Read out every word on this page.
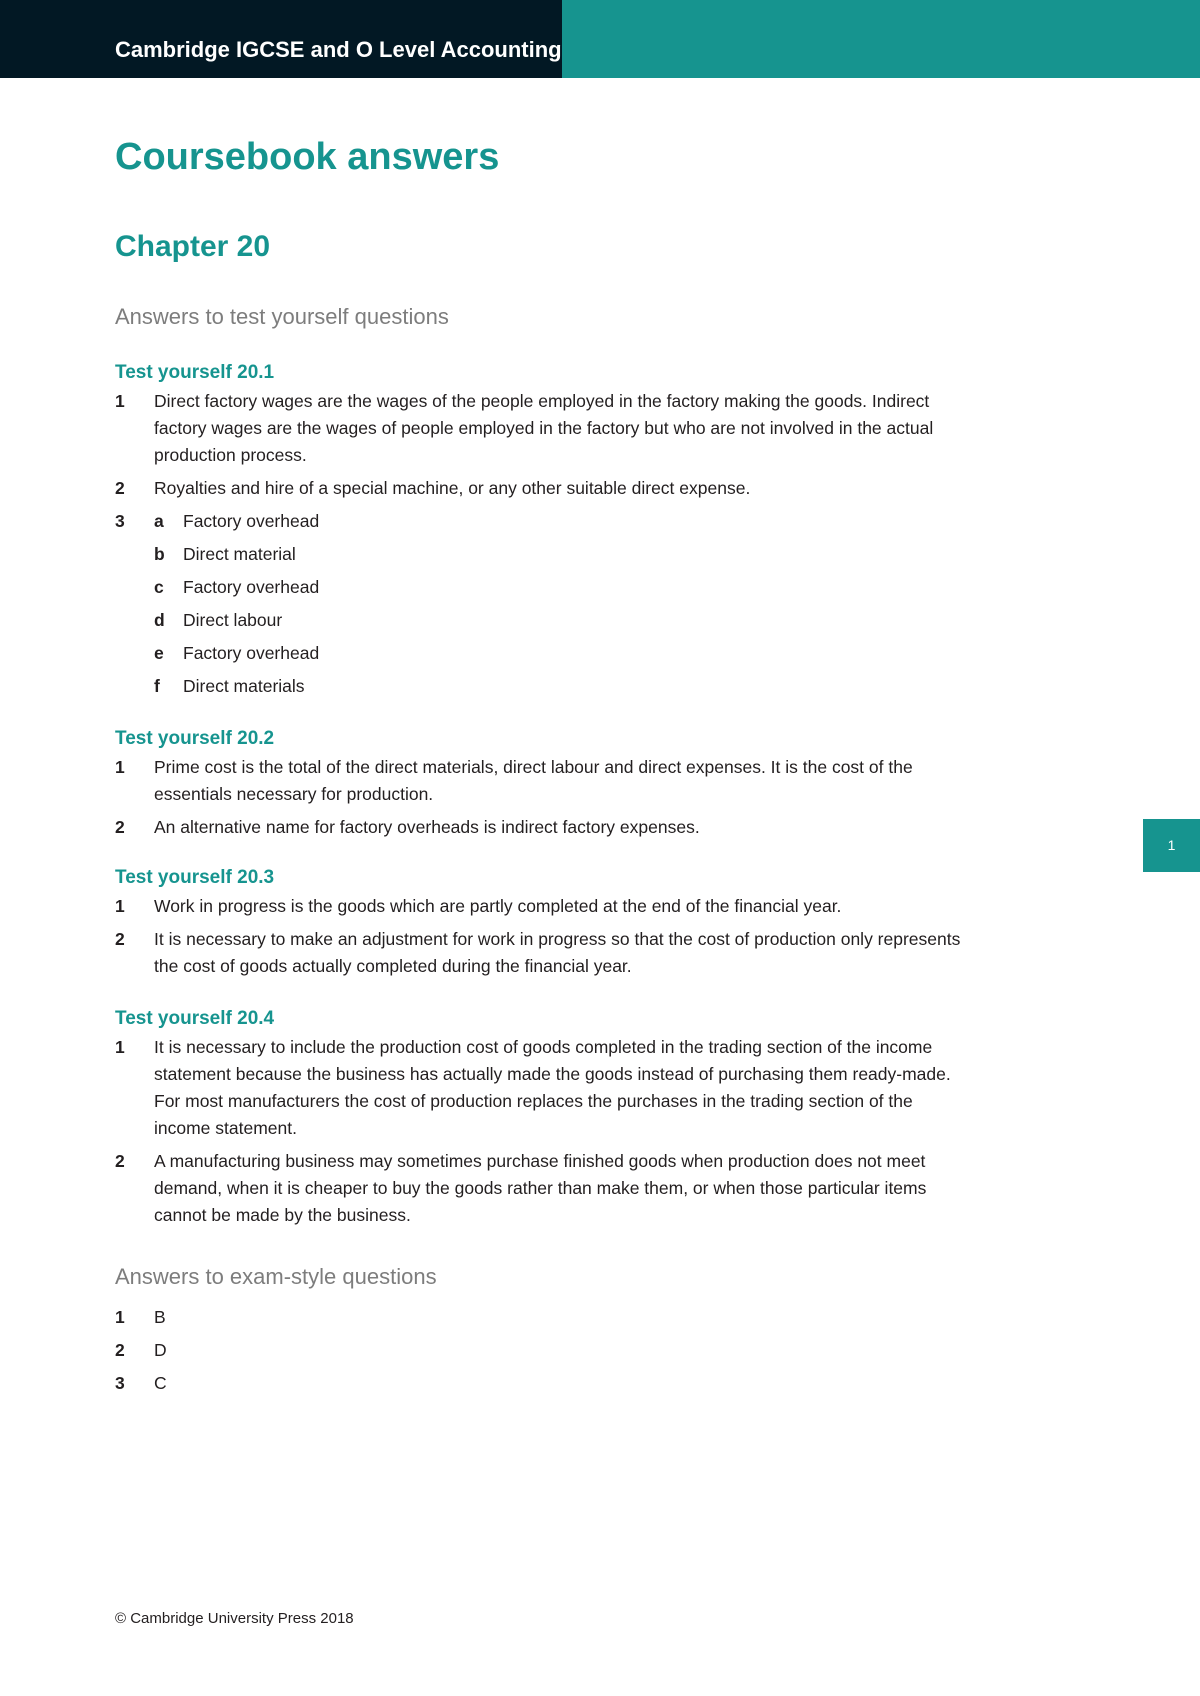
Cambridge IGCSE and O Level Accounting
Coursebook answers
Chapter 20
Answers to test yourself questions
Test yourself 20.1
1 Direct factory wages are the wages of the people employed in the factory making the goods. Indirect factory wages are the wages of people employed in the factory but who are not involved in the actual production process.
2 Royalties and hire of a special machine, or any other suitable direct expense.
3 a Factory overhead
b Direct material
c Factory overhead
d Direct labour
e Factory overhead
f Direct materials
Test yourself 20.2
1 Prime cost is the total of the direct materials, direct labour and direct expenses. It is the cost of the essentials necessary for production.
2 An alternative name for factory overheads is indirect factory expenses.
Test yourself 20.3
1 Work in progress is the goods which are partly completed at the end of the financial year.
2 It is necessary to make an adjustment for work in progress so that the cost of production only represents the cost of goods actually completed during the financial year.
Test yourself 20.4
1 It is necessary to include the production cost of goods completed in the trading section of the income statement because the business has actually made the goods instead of purchasing them ready-made. For most manufacturers the cost of production replaces the purchases in the trading section of the income statement.
2 A manufacturing business may sometimes purchase finished goods when production does not meet demand, when it is cheaper to buy the goods rather than make them, or when those particular items cannot be made by the business.
Answers to exam-style questions
1 B
2 D
3 C
1
© Cambridge University Press 2018
